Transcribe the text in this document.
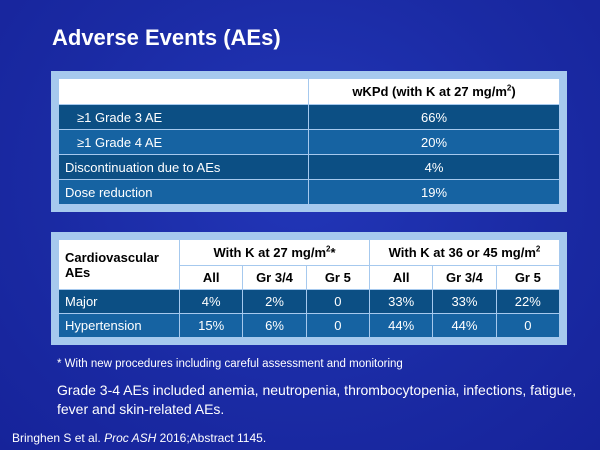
Adverse Events (AEs)
	wKPd (with K at 27 $mg/m^2$)
≥1 Grade 3 AE	66%
≥1 Grade 4 AE	20%
Discontinuation due to AEs	4%
Dose reduction	19%
Cardiovascular AEs	With K at 27 $mg/m^2*$			With K at 36 or 45 $mg/m^2$
	All	Gr 3/4	Gr 5	All	Gr 3/4	Gr 5
Major	4%	2%	0	33%	33%	22%
Hypertension	15%	6%	0	44%	44%	0
* With new procedures including careful assessment and monitoring
Grade 3-4 AEs included anemia, neutropenia, thrombocytopenia, infections, fatigue, fever and skin-related AEs.
Bringhen S et al. Proc ASH 2016;Abstract 1145.
